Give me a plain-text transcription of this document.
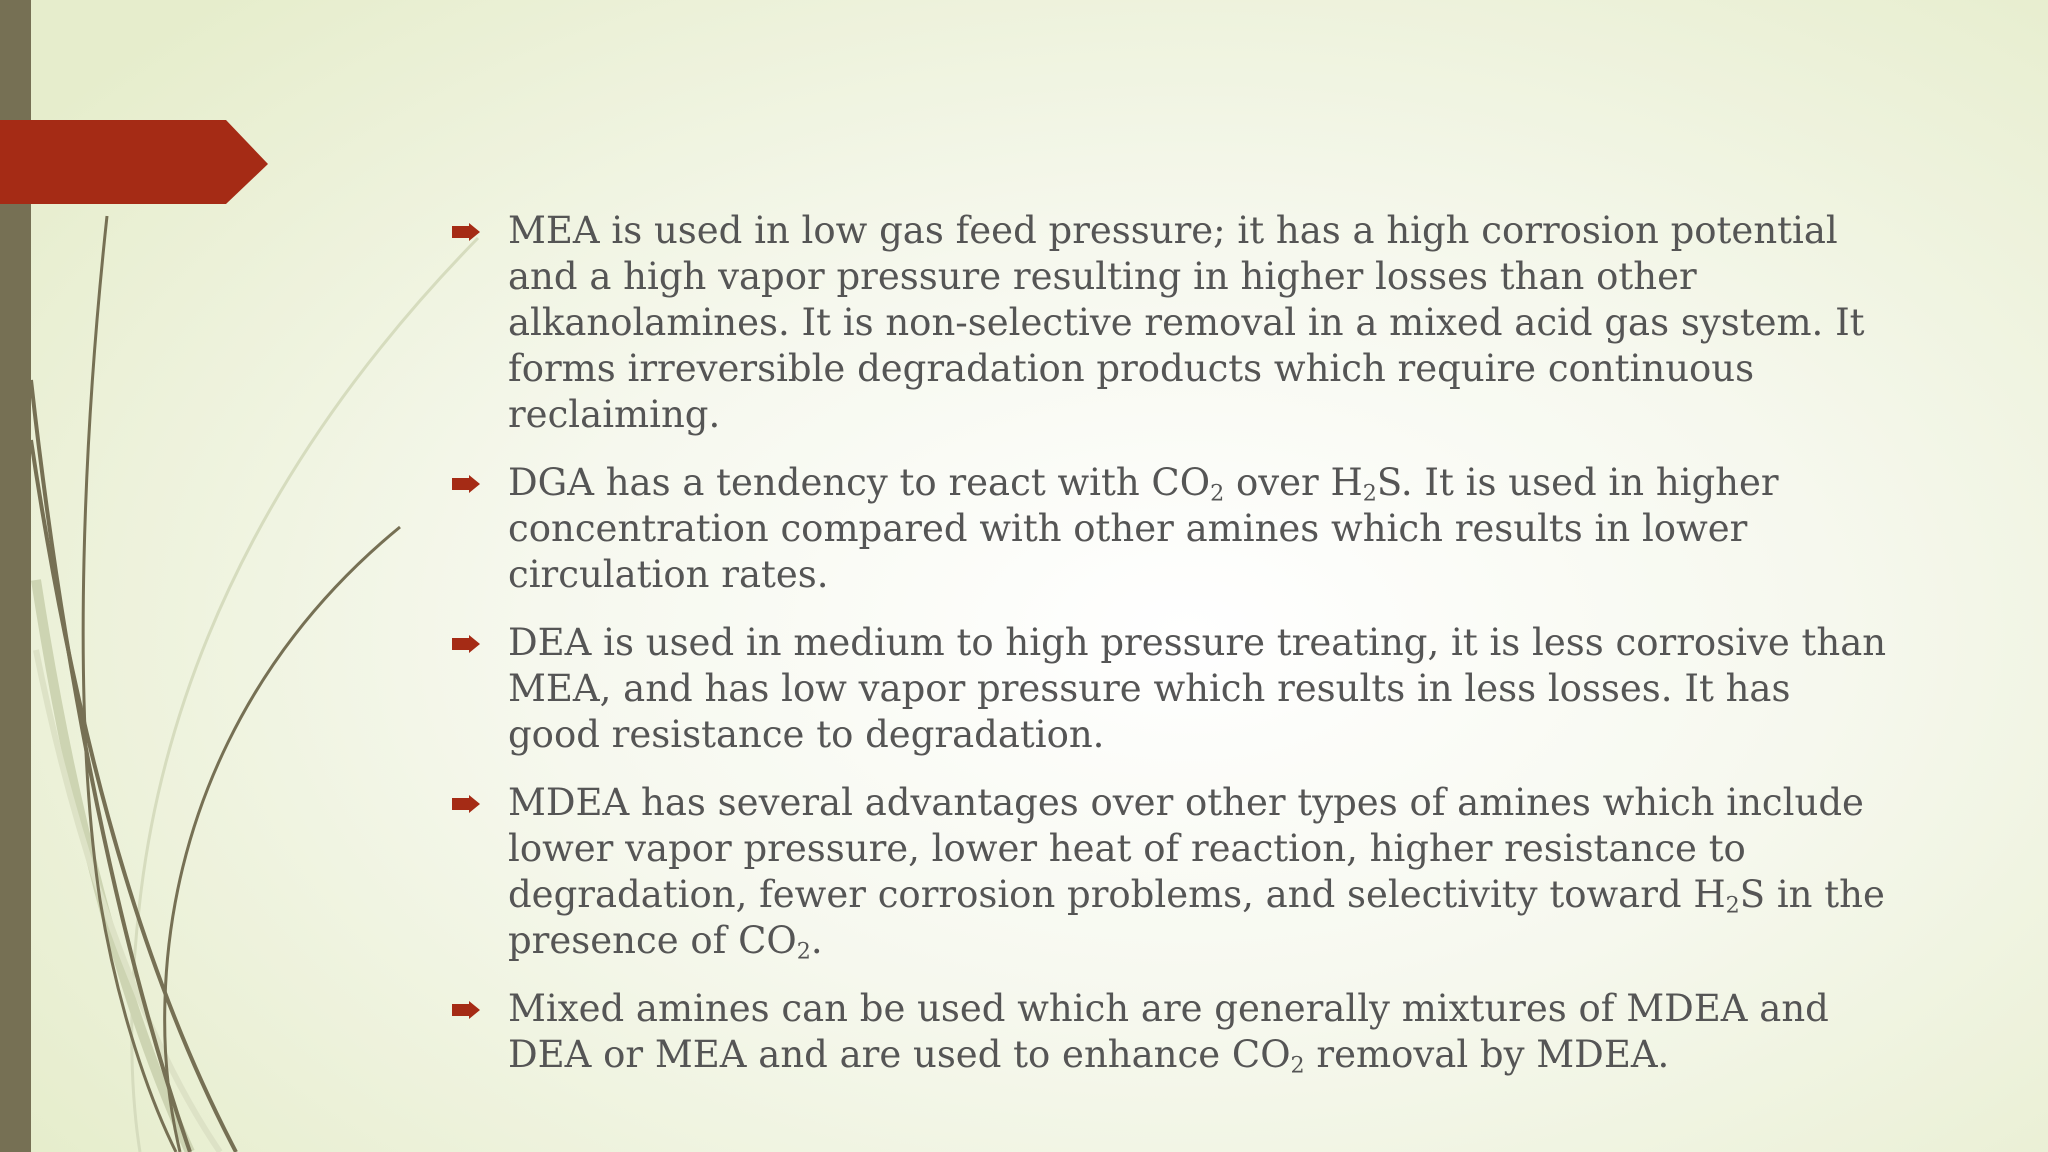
MEA is used in low gas feed pressure; it has a high corrosion potential and a high vapor pressure resulting in higher losses than other alkanolamines. It is non-selective removal in a mixed acid gas system. It forms irreversible degradation products which require continuous reclaiming.
DGA has a tendency to react with $CO_2$ over $H_2S$. It is used in higher concentration compared with other amines which results in lower circulation rates.
DEA is used in medium to high pressure treating, it is less corrosive than MEA, and has low vapor pressure which results in less losses. It has good resistance to degradation.
MDEA has several advantages over other types of amines which include lower vapor pressure, lower heat of reaction, higher resistance to degradation, fewer corrosion problems, and selectivity toward $H_2S$ in the presence of $CO_2$.
Mixed amines can be used which are generally mixtures of MDEA and DEA or MEA and are used to enhance $CO_2$ removal by MDEA.
